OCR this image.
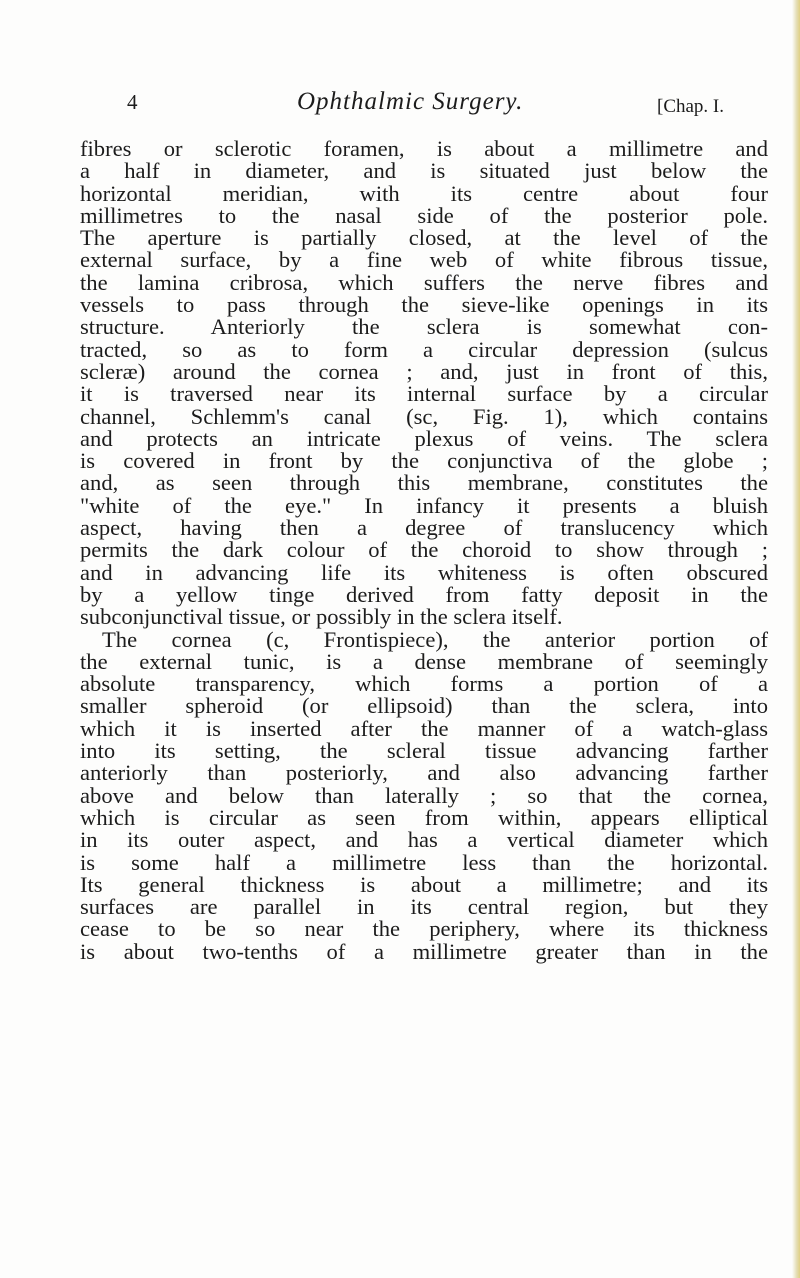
4	Ophthalmic Surgery.	[Chap. I.
fibres or sclerotic foramen, is about a millimetre and
a half in diameter, and is situated just below the
horizontal meridian, with its centre about four
millimetres to the nasal side of the posterior pole.
The aperture is partially closed, at the level of the
external surface, by a fine web of white fibrous tissue,
the lamina cribrosa, which suffers the nerve fibres and
vessels to pass through the sieve-like openings in its
structure. Anteriorly the sclera is somewhat con-
tracted, so as to form a circular depression (sulcus
scleræ) around the cornea ; and, just in front of this,
it is traversed near its internal surface by a circular
channel, Schlemm's canal (sc, Fig. 1), which contains
and protects an intricate plexus of veins. The sclera
is covered in front by the conjunctiva of the globe ;
and, as seen through this membrane, constitutes the
"white of the eye." In infancy it presents a bluish
aspect, having then a degree of translucency which
permits the dark colour of the choroid to show through ;
and in advancing life its whiteness is often obscured
by a yellow tinge derived from fatty deposit in the
subconjunctival tissue, or possibly in the sclera itself.
The cornea (c, Frontispiece), the anterior portion of
the external tunic, is a dense membrane of seemingly
absolute transparency, which forms a portion of a
smaller spheroid (or ellipsoid) than the sclera, into
which it is inserted after the manner of a watch-glass
into its setting, the scleral tissue advancing farther
anteriorly than posteriorly, and also advancing farther
above and below than laterally ; so that the cornea,
which is circular as seen from within, appears elliptical
in its outer aspect, and has a vertical diameter which
is some half a millimetre less than the horizontal.
Its general thickness is about a millimetre; and its
surfaces are parallel in its central region, but they
cease to be so near the periphery, where its thickness
is about two-tenths of a millimetre greater than in the
